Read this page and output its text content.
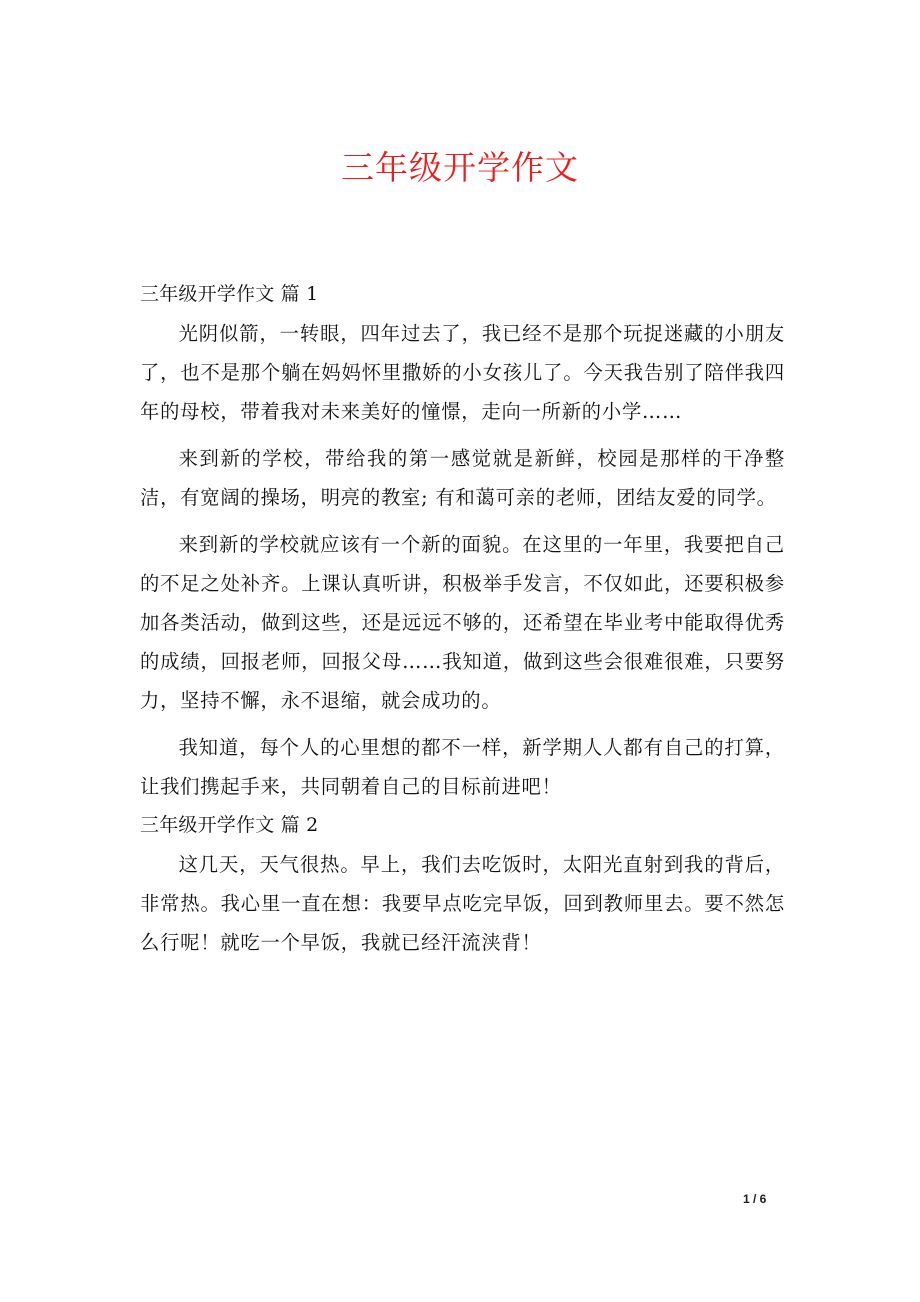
三年级开学作文

三年级开学作文 篇 1

光阴似箭，一转眼，四年过去了，我已经不是那个玩捉迷藏的小朋友了，也不是那个躺在妈妈怀里撒娇的小女孩儿了。今天我告别了陪伴我四年的母校，带着我对未来美好的憧憬，走向一所新的小学……

来到新的学校，带给我的第一感觉就是新鲜，校园是那样的干净整洁，有宽阔的操场，明亮的教室; 有和蔼可亲的老师，团结友爱的同学。

来到新的学校就应该有一个新的面貌。在这里的一年里，我要把自己的不足之处补齐。上课认真听讲，积极举手发言，不仅如此，还要积极参加各类活动，做到这些，还是远远不够的，还希望在毕业考中能取得优秀的成绩，回报老师，回报父母……我知道，做到这些会很难很难，只要努力，坚持不懈，永不退缩，就会成功的。

我知道，每个人的心里想的都不一样，新学期人人都有自己的打算，让我们携起手来，共同朝着自己的目标前进吧！

三年级开学作文 篇 2

这几天，天气很热。早上，我们去吃饭时，太阳光直射到我的背后，非常热。我心里一直在想：我要早点吃完早饭，回到教师里去。要不然怎么行呢！就吃一个早饭，我就已经汗流浃背！

1 / 6
